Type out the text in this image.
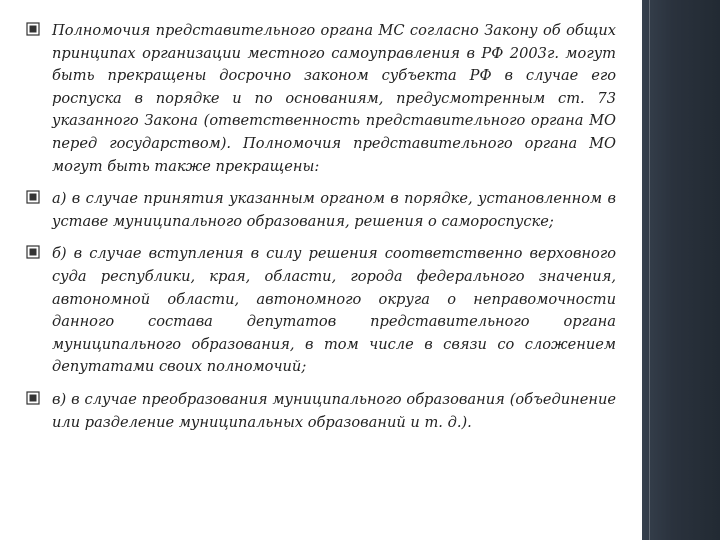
Полномочия представительного органа МС согласно Закону об общих принципах организации местного самоуправления в РФ 2003г. могут быть прекращены досрочно законом субъекта РФ в случае его роспуска в порядке и по основаниям, предусмотренным ст. 73 указанного Закона (ответственность представительного органа МО перед государством). Полномочия представительного органа МО могут быть также прекращены:
а) в случае принятия указанным органом в порядке, установленном в уставе муниципального образования, решения о самороспуске;
б) в случае вступления в силу решения соответственно верховного суда республики, края, области, города федерального значения, автономной области, автономного округа о неправомочности данного состава депутатов представительного органа муниципального образования, в том числе в связи со сложением депутатами своих полномочий;
в) в случае преобразования муниципального образования (объединение или разделение муниципальных образований и т. д.).
